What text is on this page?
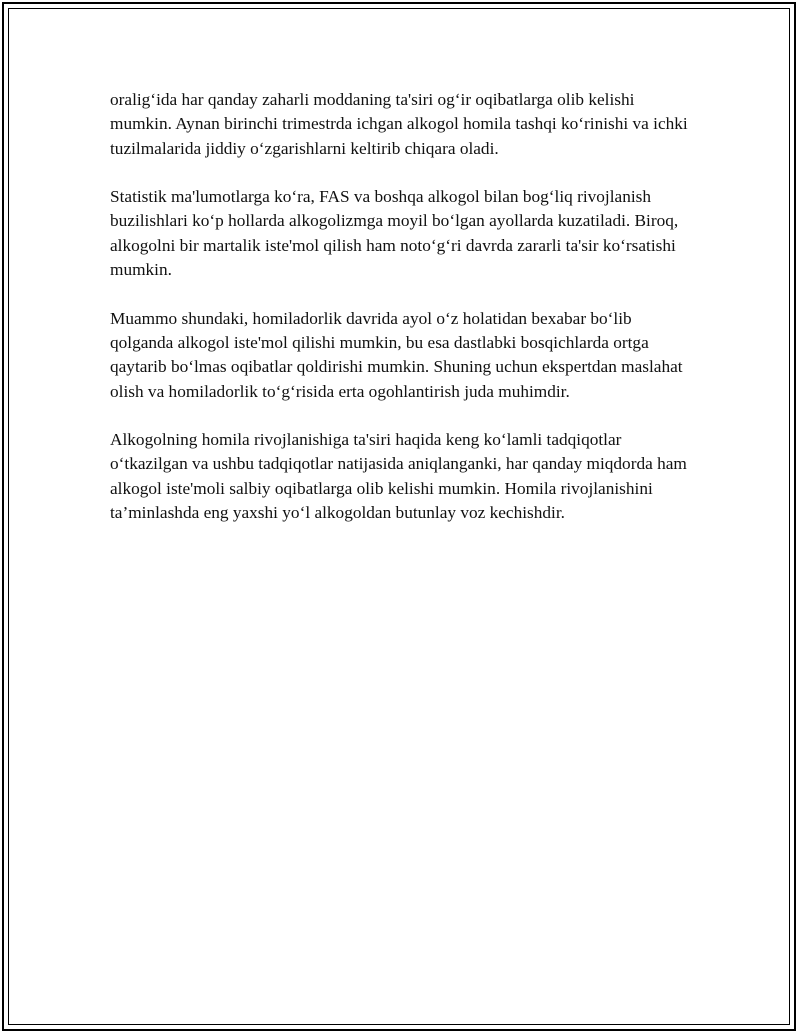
oralig‘ida har qanday zaharli moddaning ta'siri og‘ir oqibatlarga olib kelishi mumkin. Aynan birinchi trimestrda ichgan alkogol homila tashqi ko‘rinishi va ichki tuzilmalarida jiddiy o‘zgarishlarni keltirib chiqara oladi.

Statistik ma'lumotlarga ko‘ra, FAS va boshqa alkogol bilan bog‘liq rivojlanish buzilishlari ko‘p hollarda alkogolizmga moyil bo‘lgan ayollarda kuzatiladi. Biroq, alkogolni bir martalik iste'mol qilish ham noto‘g‘ri davrda zararli ta'sir ko‘rsatishi mumkin.

Muammo shundaki, homiladorlik davrida ayol o‘z holatidan bexabar bo‘lib qolganda alkogol iste'mol qilishi mumkin, bu esa dastlabki bosqichlarda ortga qaytarib bo‘lmas oqibatlar qoldirishi mumkin. Shuning uchun ekspertdan maslahat olish va homiladorlik to‘g‘risida erta ogohlantirish juda muhimdir.

Alkogolning homila rivojlanishiga ta'siri haqida keng ko‘lamli tadqiqotlar o‘tkazilgan va ushbu tadqiqotlar natijasida aniqlanganki, har qanday miqdorda ham alkogol iste'moli salbiy oqibatlarga olib kelishi mumkin. Homila rivojlanishini ta’minlashda eng yaxshi yo‘l alkogoldan butunlay voz kechishdir.
